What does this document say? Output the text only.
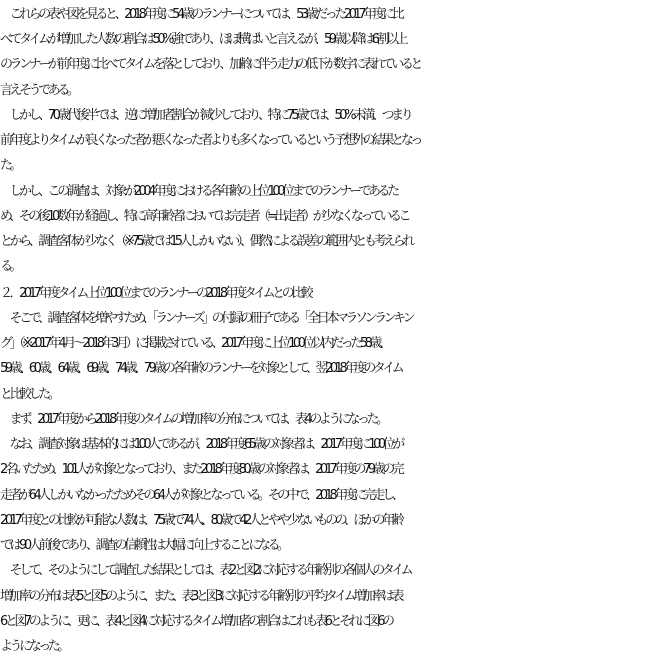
　これらの表や図を見ると、2018年度に54歳のランナーについては、53歳だった2017年度に比
べてタイムが増加した人数の割合は50%強であり、ほぼ横ばいと言えるが、59歳以降は6割以上
のランナーが前年度に比べてタイムを落としており、加齢に伴う走力の低下が数字に表れていると
言えそうである。
　しかし、70歳代後半では、逆に増加者割合が減少しており、特に75歳では、50%未満、つまり
前年度よりタイムが良くなった者が悪くなった者よりも多くなっているという予想外の結果となっ
た。
　しかし、この調査は、対象が2004年度における各年齢の上位100位までのランナーであるた
め、その後10数年が経過し、特に高年齢者においては完走者（≒出走者）が少なくなっているこ
とから、調査客体が少なく（※75歳では15人しかいない）、偶然による誤差の範囲内とも考えられ
る。
２．2017年度タイム上位100位までのランナーの2018年度タイムとの比較
　そこで、調査客体を増やすため、「ランナーズ」の付録の冊子である「全日本マラソンランキン
グ」（※2017年4月～2018年3月）に掲載されている、2017年度に上位100位以内だった58歳、
59歳、60歳、64歳、69歳、74歳、79歳の各年齢のランナーを対象として、翌2018年度のタイム
と比較した。
　まず、2017年度から2018年度のタイムの増加率の分布については、表4のようになった。
　なお、調査対象は基本的には100人であるが、2018年度65歳の対象者は、2017年度に100位が
2名いたため、101人が対象となっており、また2018年度80歳の対象者は、2017年度の79歳の完
走者が64人しかいなかったためその64人が対象となっている。その中で、2018年度に完走し、
2017年度との比較が可能な人数は、75歳で74人、80歳で42人とやや少ないものの、ほかの年齢
では90人前後であり、調査の信頼性は大幅に向上することになる。
　そして、そのようにして調査した結果としては、表2と図2に対応する年齢別の各個人のタイム
増加率の分布は表5と図5のように、また、表3と図3に対応する年齢別の平均タイム増加率は表
6と図7のように、更に、表4と図4に対応するタイム増加者の割合はこれも表6とそれに図6の
ようになった。
